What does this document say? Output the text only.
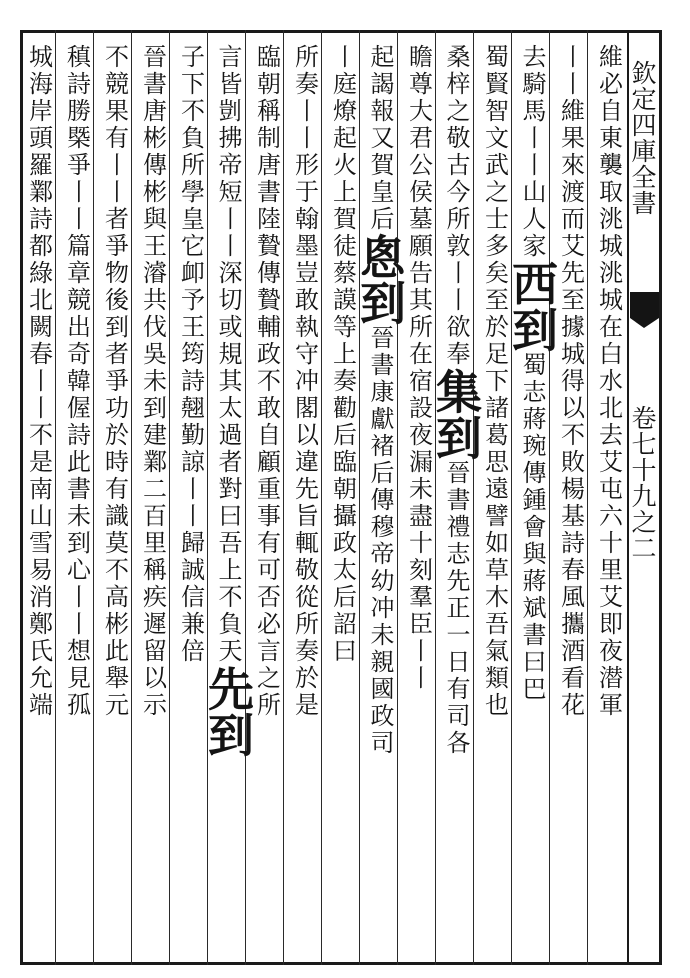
欽定四庫全書
卷七十九之二
維必自東襲取洮城洮城在白水北去艾屯六十里艾即夜潜軍
丨丨維果來渡而艾先至據城得以不敗楊基詩春風攜酒看花
去騎馬丨丨山人家西到蜀志蔣琬傳鍾會與蔣斌書曰巴
蜀賢智文武之士多矣至於足下諸葛思遠譬如草木吾氣類也
桑梓之敬古今所敦丨丨欲奉集到晉書禮志先正一日有司各
瞻尊大君公侯墓願告其所在宿設夜漏未盡十刻羣臣丨丨
起謁報又賀皇后悤到晉書康獻褚后傳穆帝幼冲未親國政司
丨庭燎起火上賀徒蔡謨等上奏勸后臨朝攝政太后詔曰
所奏丨丨形于翰墨豈敢執守冲閣以違先旨輒敬從所奏於是
臨朝稱制唐書陸贄傳贄輔政不敢自顧重事有可否必言之所
言皆剴拂帝短丨丨深切或規其太過者對曰吾上不負天先到
子下不負所學皇它卹予王筠詩翹勤諒丨丨歸誠信兼倍
晉書唐彬傳彬與王濬共伐吳未到建鄴二百里稱疾遲留以示
不競果有丨丨者爭物後到者爭功於時有識莫不高彬此舉元
稹詩勝槩爭丨丨篇章競出奇韓偓詩此書未到心丨丨想見孤
城海岸頭羅鄴詩都綠北闕春丨丨不是南山雪易消鄭氏允端
